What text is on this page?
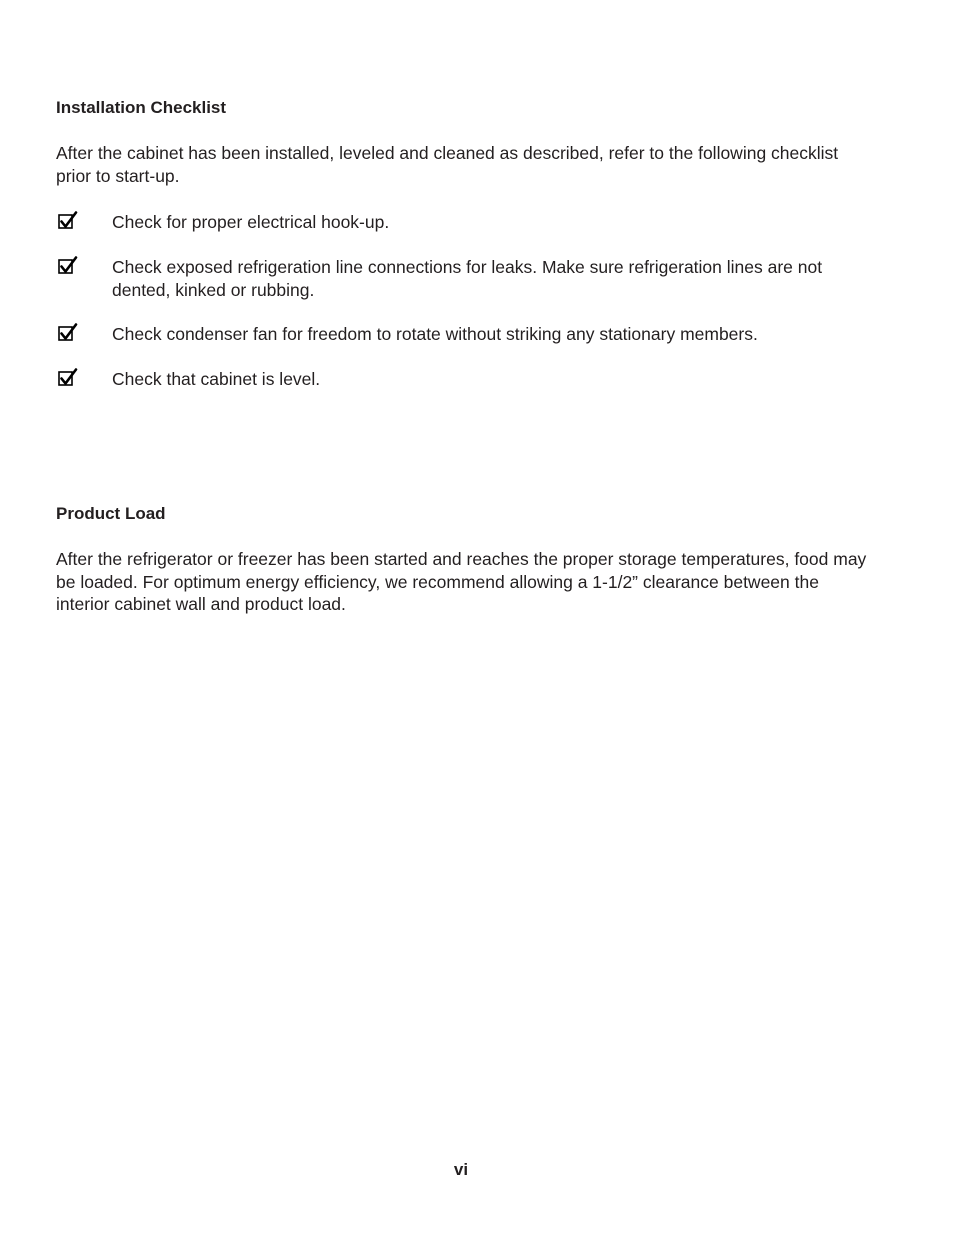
Installation Checklist

After the cabinet has been installed, leveled and cleaned as described, refer to the following checklist prior to start-up.

Check for proper electrical hook-up.
Check exposed refrigeration line connections for leaks. Make sure refrigeration lines are not dented, kinked or rubbing.
Check condenser fan for freedom to rotate without striking any stationary members.
Check that cabinet is level.
Product Load

After the refrigerator or freezer has been started and reaches the proper storage temperatures, food may be loaded. For optimum energy efficiency, we recommend allowing a 1-1/2” clearance between the interior cabinet wall and product load.

vi
